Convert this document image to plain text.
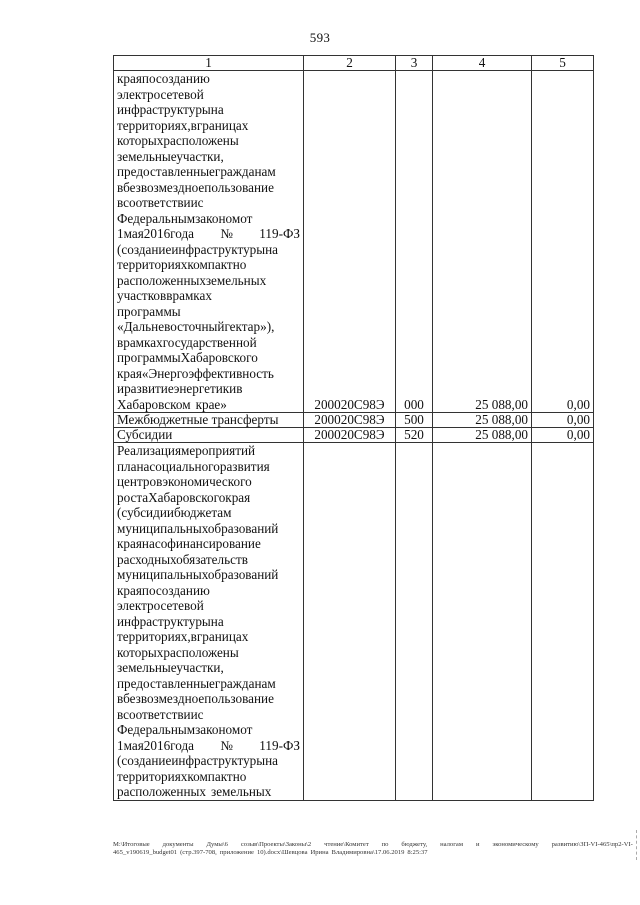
593
1	2	3	4	5

краяпосозданию
электросетевой
инфраструктурына
территориях,вграницах
которыхрасположены
земельныеучастки,
предоставленныегражданам
вбезвозмездноепользование
всоответствиис
Федеральнымзакономот
1мая2016года№119-ФЗ
(созданиеинфраструктурына
территорияхкомпактно
расположенныхземельных
участковврамках
программы
«Дальневосточныйгектар»),
врамкахгосударственной
программыХабаровского
края«Энергоэффективность
иразвитиеэнергетикив
Хабаровском крае»	200020С98Э	000	25 088,00	0,00
Межбюджетные трансферты	200020С98Э	500	25 088,00	0,00
Субсидии	200020С98Э	520	25 088,00	0,00

Реализациямероприятий
планасоциальногоразвития
центровэкономического
ростаХабаровскогокрая
(субсидиибюджетам
муниципальныхобразований
краянасофинансирование
расходныхобязательств
муниципальныхобразований
краяпосозданию
электросетевой
инфраструктурына
территориях,вграницах
которыхрасположены
земельныеучастки,
предоставленныегражданам
вбезвозмездноепользование
всоответствиис
Федеральнымзакономот
1мая2016года№119-ФЗ
(созданиеинфраструктурына
территорияхкомпактно
расположенных земельных

M:\Итоговые документы Думы\6 созыв\Проекты\Законы\2 чтение\Комитет по бюджету, налогам и экономическому развитию\ЗП-VI-465\пр2-VI-
465_v190619_budget01 (стр.397-708, приложение 10).docx\Шевцова Ирина Владимировна\17.06.2019 8:25:37
